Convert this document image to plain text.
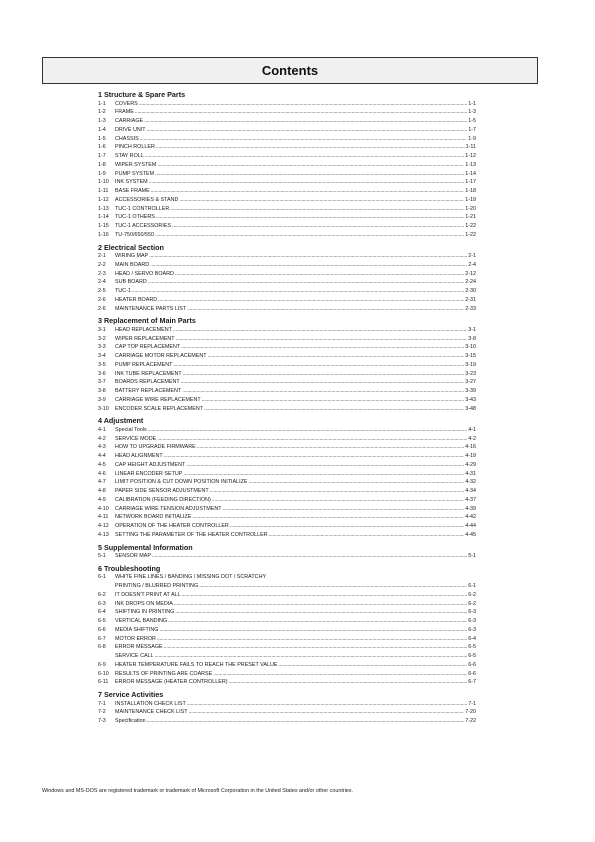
Contents
1 Structure & Spare Parts
1-1	COVERS .....	1-1
1-2	FRAME .....	1-3
1-3	CARRIAGE .....	1-5
1-4	DRIVE UNIT .....	1-7
1-5	CHASSIS .....	1-9
1-6	PINCH ROLLER .....	1-11
1-7	STAY ROLL .....	1-12
1-8	WIPER SYSTEM .....	1-13
1-9	PUMP SYSTEM .....	1-14
1-10	INK SYSTEM .....	1-17
1-11	BASE FRAME .....	1-18
1-12	ACCESSORIES & STAND .....	1-19
1-13	TUC-1 CONTROLLER .....	1-20
1-14	TUC-1 OTHERS .....	1-21
1-15	TUC-1 ACCESSORIES .....	1-22
1-16	TU-750/650/550 .....	1-22
2 Electrical Section
2-1	WIRING MAP .....	2-1
2-2	MAIN BOARD .....	2-4
2-3	HEAD / SERVO BOARD .....	2-12
2-4	SUB BOARD .....	2-24
2-5	TUC-1 .....	2-30
2-6	HEATER BOARD .....	2-31
2-6	MAINTENANCE PARTS LIST .....	2-33
3 Replacement of Main Parts
3-1	HEAD REPLACEMENT .....	3-1
3-2	WIPER REPLACEMENT .....	3-8
3-3	CAP TOP REPLACEMENT .....	3-10
3-4	CARRIAGE MOTOR REPLACEMENT .....	3-15
3-5	PUMP REPLACEMENT .....	3-19
3-6	INK TUBE REPLACEMENT .....	3-23
3-7	BOARDS REPLACEMENT .....	3-27
3-8	BATTERY REPLACEMENT .....	3-39
3-9	CARRIAGE WIRE REPLACEMENT .....	3-43
3-10	ENCODER SCALE REPLACEMENT .....	3-48
4 Adjustment
4-1	Special Tools .....	4-1
4-2	SERVICE MODE .....	4-2
4-3	HOW TO UPGRADE FIRMWARE .....	4-16
4-4	HEAD ALIGNMENT .....	4-19
4-5	CAP HEIGHT ADJUSTMENT .....	4-29
4-6	LINEAR ENCODER SETUP .....	4-31
4-7	LIMIT POSITION & CUT DOWN POSITION INITIALIZE .....	4-32
4-8	PAPER SIDE SENSOR ADJUSTMENT .....	4-34
4-9	CALIBRATION (FEEDING DIRECTION) .....	4-37
4-10	CARRIAGE WIRE TENSION ADJUSTMENT .....	4-39
4-11	NETWORK BOARD INITIALIZE .....	4-42
4-12	OPERATION OF THE HEATER CONTROLLER .....	4-44
4-13	SETTING THE PARAMETER OF THE HEATER CONTROLLER .....	4-45
5 Supplemental Information
5-1	SENSOR MAP .....	5-1
6 Troubleshooting
6-1	WHITE FINE LINES / BANDING / MISSING DOT / SCRATCHY
PRINTING / BLURRED PRINTING .....	6-1
6-2	IT DOESN'T PRINT AT ALL .....	6-2
6-3	INK DROPS ON MEDIA .....	6-2
6-4	SHIFTING IN PRINTING .....	6-3
6-5	VERTICAL BANDING .....	6-3
6-6	MEDIA SHIFTING .....	6-3
6-7	MOTOR ERROR .....	6-4
6-8	ERROR MESSAGE .....	6-5
SERVICE CALL .....	6-5
6-9	HEATER TEMPERATURE FAILS TO REACH THE PRESET VALUE .....	6-6
6-10	RESULTS OF PRINTING ARE COARSE .....	6-6
6-11	ERROR MESSAGE (HEATER CONTROLLER) .....	6-7
7 Service Activities
7-1	INSTALLATION CHECK LIST .....	7-1
7-2	MAINTENANCE CHECK LIST .....	7-20
7-3	Specification .....	7-22
Windows and MS-DOS are registered trademark or trademark of Microsoft Corporation in the United States and/or other countries.
